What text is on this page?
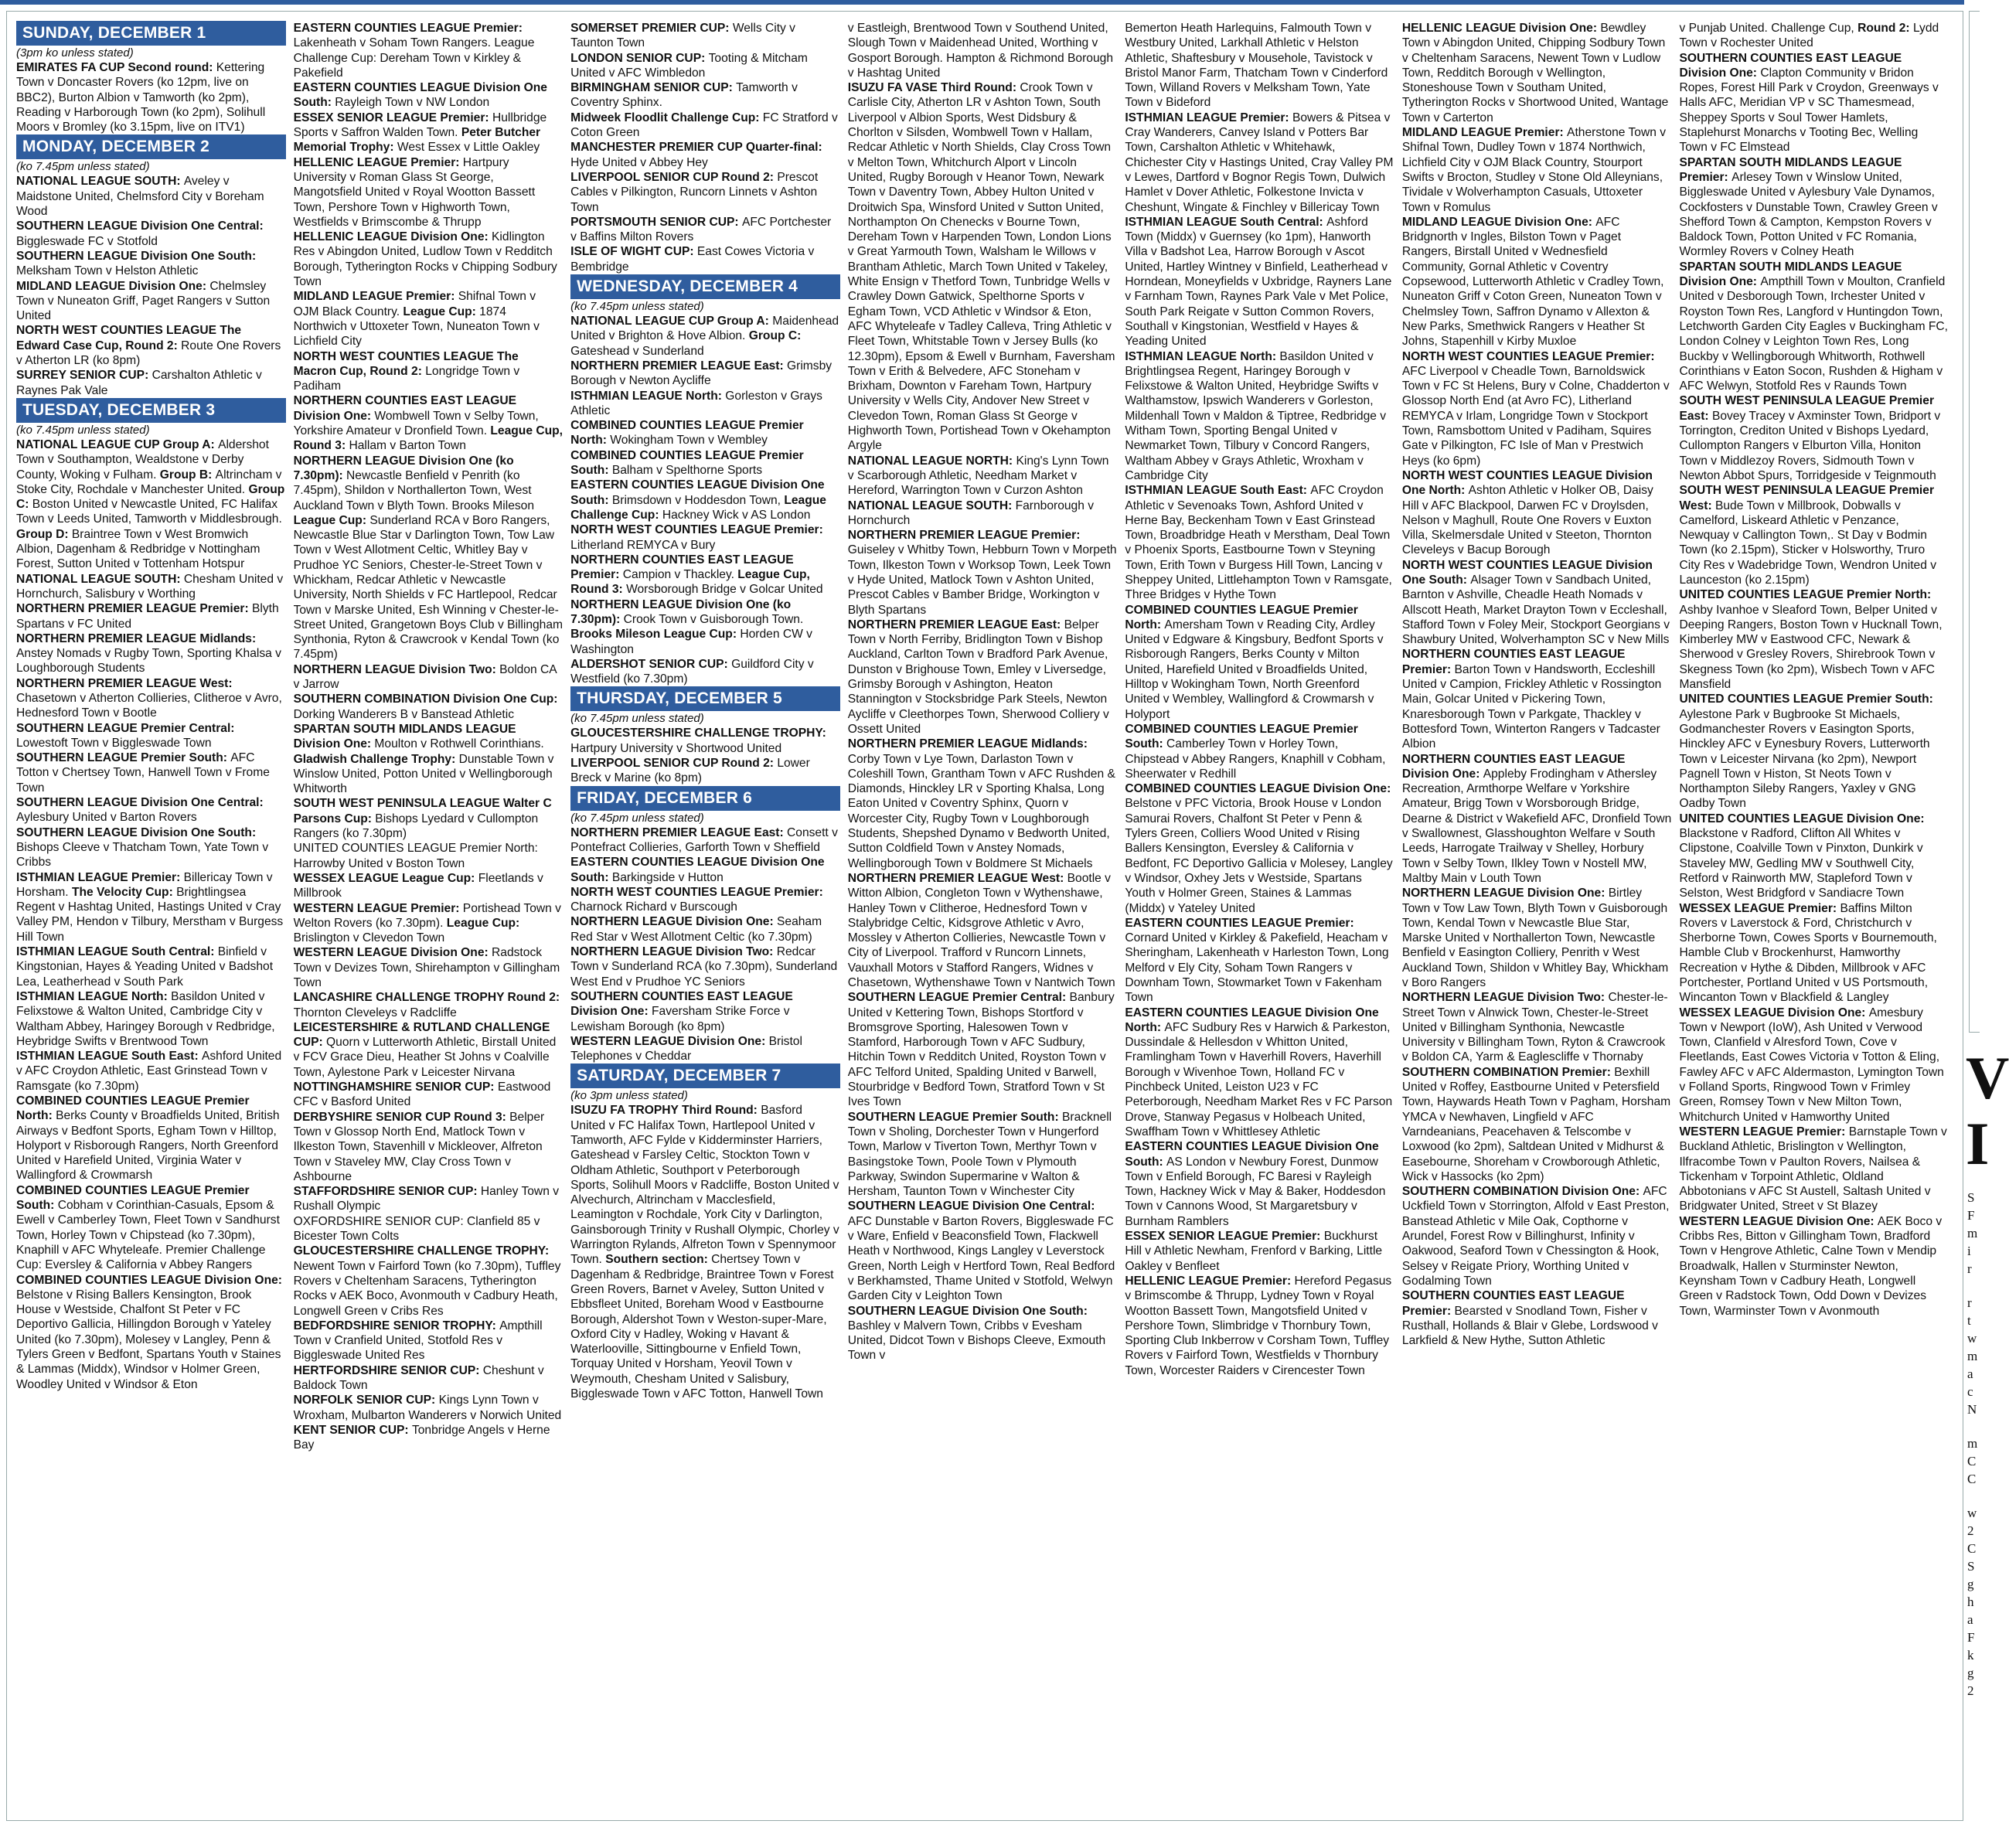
SUNDAY, DECEMBER 1
(3pm ko unless stated)
EMIRATES FA CUP Second round: Kettering Town v Doncaster Rovers (ko 12pm, live on BBC2), Burton Albion v Tamworth (ko 2pm), Reading v Harborough Town (ko 2pm), Solihull Moors v Bromley (ko 3.15pm, live on ITV1)
MONDAY, DECEMBER 2
(ko 7.45pm unless stated)
NATIONAL LEAGUE SOUTH: Aveley v Maidstone United, Chelmsford City v Boreham Wood
SOUTHERN LEAGUE Division One Central: Biggleswade FC v Stotfold
SOUTHERN LEAGUE Division One South: Melksham Town v Helston Athletic
MIDLAND LEAGUE Division One: Chelmsley Town v Nuneaton Griff, Paget Rangers v Sutton United
NORTH WEST COUNTIES LEAGUE The Edward Case Cup, Round 2: Route One Rovers v Atherton LR (ko 8pm)
SURREY SENIOR CUP: Carshalton Athletic v Raynes Pak Vale
TUESDAY, DECEMBER 3
(ko 7.45pm unless stated)
NATIONAL LEAGUE CUP Group A: Aldershot Town v Southampton, Wealdstone v Derby County, Woking v Fulham. Group B: Altrincham v Stoke City, Rochdale v Manchester United. Group C: Boston United v Newcastle United, FC Halifax Town v Leeds United, Tamworth v Middlesbrough. Group D: Braintree Town v West Bromwich Albion, Dagenham & Redbridge v Nottingham Forest, Sutton United v Tottenham Hotspur
NATIONAL LEAGUE SOUTH: Chesham United v Hornchurch, Salisbury v Worthing
NORTHERN PREMIER LEAGUE Premier: Blyth Spartans v FC United
NORTHERN PREMIER LEAGUE Midlands: Anstey Nomads v Rugby Town, Sporting Khalsa v Loughborough Students
NORTHERN PREMIER LEAGUE West: Chasetown v Atherton Collieries, Clitheroe v Avro, Hednesford Town v Bootle
SOUTHERN LEAGUE Premier Central: Lowestoft Town v Biggleswade Town
SOUTHERN LEAGUE Premier South: AFC Totton v Chertsey Town, Hanwell Town v Frome Town
SOUTHERN LEAGUE Division One Central: Aylesbury United v Barton Rovers
SOUTHERN LEAGUE Division One South: Bishops Cleeve v Thatcham Town, Yate Town v Cribbs
ISTHMIAN LEAGUE Premier: Billericay Town v Horsham. The Velocity Cup: Brightlingsea Regent v Hashtag United, Hastings United v Cray Valley PM, Hendon v Tilbury, Merstham v Burgess Hill Town
ISTHMIAN LEAGUE South Central: Binfield v Kingstonian, Hayes & Yeading United v Badshot Lea, Leatherhead v South Park
ISTHMIAN LEAGUE North: Basildon United v Felixstowe & Walton United, Cambridge City v Waltham Abbey, Haringey Borough v Redbridge, Heybridge Swifts v Brentwood Town
ISTHMIAN LEAGUE South East: Ashford United v AFC Croydon Athletic, East Grinstead Town v Ramsgate (ko 7.30pm)
COMBINED COUNTIES LEAGUE Premier North: Berks County v Broadfields United, British Airways v Bedfont Sports, Egham Town v Hilltop, Holyport v Risborough Rangers, North Greenford United v Harefield United, Virginia Water v Wallingford & Crowmarsh
COMBINED COUNTIES LEAGUE Premier South: Cobham v Corinthian-Casuals, Epsom & Ewell v Camberley Town, Fleet Town v Sandhurst Town, Horley Town v Chipstead (ko 7.30pm), Knaphill v AFC Whyteleafe. Premier Challenge Cup: Eversley & California v Abbey Rangers
COMBINED COUNTIES LEAGUE Division One: Belstone v Rising Ballers Kensington, Brook House v Westside, Chalfont St Peter v FC Deportivo Gallicia, Hillingdon Borough v Yateley United (ko 7.30pm), Molesey v Langley, Penn & Tylers Green v Bedfont, Spartans Youth v Staines & Lammas (Middx), Windsor v Holmer Green, Woodley United v Windsor & Eton
EASTERN COUNTIES LEAGUE Premier: Lakenheath v Soham Town Rangers. League Challenge Cup: Dereham Town v Kirkley & Pakefield
EASTERN COUNTIES LEAGUE Division One South: Rayleigh Town v NW London
ESSEX SENIOR LEAGUE Premier: Hullbridge Sports v Saffron Walden Town. Peter Butcher Memorial Trophy: West Essex v Little Oakley
HELLENIC LEAGUE Premier: Hartpury University v Roman Glass St George, Mangotsfield United v Royal Wootton Bassett Town, Pershore Town v Highworth Town, Westfields v Brimscombe & Thrupp
HELLENIC LEAGUE Division One: Kidlington Res v Abingdon United, Ludlow Town v Redditch Borough, Tytherington Rocks v Chipping Sodbury Town
MIDLAND LEAGUE Premier: Shifnal Town v OJM Black Country. League Cup: 1874 Northwich v Uttoxeter Town, Nuneaton Town v Lichfield City
NORTH WEST COUNTIES LEAGUE The Macron Cup, Round 2: Longridge Town v Padiham
NORTHERN COUNTIES EAST LEAGUE Division One: Wombwell Town v Selby Town, Yorkshire Amateur v Dronfield Town. League Cup, Round 3: Hallam v Barton Town
NORTHERN LEAGUE Division One (ko 7.30pm): Newcastle Benfield v Penrith (ko 7.45pm), Shildon v Northallerton Town, West Auckland Town v Blyth Town. Brooks Mileson League Cup: Sunderland RCA v Boro Rangers, Newcastle Blue Star v Darlington Town, Tow Law Town v West Allotment Celtic, Whitley Bay v Prudhoe YC Seniors, Chester-le-Street Town v Whickham, Redcar Athletic v Newcastle University, North Shields v FC Hartlepool, Redcar Town v Marske United, Esh Winning v Chester-le-Street United, Grangetown Boys Club v Billingham Synthonia, Ryton & Crawcrook v Kendal Town (ko 7.45pm)
NORTHERN LEAGUE Division Two: Boldon CA v Jarrow
SOUTHERN COMBINATION Division One Cup: Dorking Wanderers B v Banstead Athletic
SPARTAN SOUTH MIDLANDS LEAGUE Division One: Moulton v Rothwell Corinthians. Gladwish Challenge Trophy: Dunstable Town v Winslow United, Potton United v Wellingborough Whitworth
SOUTH WEST PENINSULA LEAGUE Walter C Parsons Cup: Bishops Lyedard v Cullompton Rangers (ko 7.30pm)
UNITED COUNTIES LEAGUE Premier North: Harrowby United v Boston Town
WESSEX LEAGUE League Cup: Fleetlands v Millbrook
WESTERN LEAGUE Premier: Portishead Town v Welton Rovers (ko 7.30pm). League Cup: Brislington v Clevedon Town
WESTERN LEAGUE Division One: Radstock Town v Devizes Town, Shirehampton v Gillingham Town
LANCASHIRE CHALLENGE TROPHY Round 2: Thornton Cleveleys v Radcliffe
LEICESTERSHIRE & RUTLAND CHALLENGE CUP: Quorn v Lutterworth Athletic, Birstall United v FCV Grace Dieu, Heather St Johns v Coalville Town, Aylestone Park v Leicester Nirvana
NOTTINGHAMSHIRE SENIOR CUP: Eastwood CFC v Basford United
DERBYSHIRE SENIOR CUP Round 3: Belper Town v Glossop North End, Matlock Town v Ilkeston Town, Stavenhill v Mickleover, Alfreton Town v Staveley MW, Clay Cross Town v Ashbourne
STAFFORDSHIRE SENIOR CUP: Hanley Town v Rushall Olympic
OXFORDSHIRE SENIOR CUP: Clanfield 85 v Bicester Town Colts
GLOUCESTERSHIRE CHALLENGE TROPHY: Newent Town v Fairford Town (ko 7.30pm), Tuffley Rovers v Cheltenham Saracens, Tytherington Rocks v AEK Boco, Avonmouth v Cadbury Heath, Longwell Green v Cribs Res
BEDFORDSHIRE SENIOR TROPHY: Ampthill Town v Cranfield United, Stotfold Res v Biggleswade United Res
HERTFORDSHIRE SENIOR CUP: Cheshunt v Baldock Town
NORFOLK SENIOR CUP: Kings Lynn Town v Wroxham, Mulbarton Wanderers v Norwich United
KENT SENIOR CUP: Tonbridge Angels v Herne Bay
SOMERSET PREMIER CUP: Wells City v Taunton Town
LONDON SENIOR CUP: Tooting & Mitcham United v AFC Wimbledon
BIRMINGHAM SENIOR CUP: Tamworth v Coventry Sphinx.
Midweek Floodlit Challenge Cup: FC Stratford v Coton Green
MANCHESTER PREMIER CUP Quarter-final: Hyde United v Abbey Hey
LIVERPOOL SENIOR CUP Round 2: Prescot Cables v Pilkington, Runcorn Linnets v Ashton Town
PORTSMOUTH SENIOR CUP: AFC Portchester v Baffins Milton Rovers
ISLE OF WIGHT CUP: East Cowes Victoria v Bembridge
WEDNESDAY, DECEMBER 4
(ko 7.45pm unless stated)
NATIONAL LEAGUE CUP Group A: Maidenhead United v Brighton & Hove Albion. Group C: Gateshead v Sunderland
NORTHERN PREMIER LEAGUE East: Grimsby Borough v Newton Aycliffe
ISTHMIAN LEAGUE North: Gorleston v Grays Athletic
COMBINED COUNTIES LEAGUE Premier North: Wokingham Town v Wembley
COMBINED COUNTIES LEAGUE Premier South: Balham v Spelthorne Sports
EASTERN COUNTIES LEAGUE Division One South: Brimsdown v Hoddesdon Town, League Challenge Cup: Hackney Wick v AS London
NORTH WEST COUNTIES LEAGUE Premier: Litherland REMYCA v Bury
NORTHERN COUNTIES EAST LEAGUE Premier: Campion v Thackley. League Cup, Round 3: Worsborough Bridge v Golcar United
NORTHERN LEAGUE Division One (ko 7.30pm): Crook Town v Guisborough Town. Brooks Mileson League Cup: Horden CW v Washington
ALDERSHOT SENIOR CUP: Guildford City v Westfield (ko 7.30pm)
THURSDAY, DECEMBER 5
(ko 7.45pm unless stated)
GLOUCESTERSHIRE CHALLENGE TROPHY: Hartpury University v Shortwood United
LIVERPOOL SENIOR CUP Round 2: Lower Breck v Marine (ko 8pm)
FRIDAY, DECEMBER 6
(ko 7.45pm unless stated)
NORTHERN PREMIER LEAGUE East: Consett v Pontefract Collieries, Garforth Town v Sheffield
EASTERN COUNTIES LEAGUE Division One South: Barkingside v Hutton
NORTH WEST COUNTIES LEAGUE Premier: Charnock Richard v Burscough
NORTHERN LEAGUE Division One: Seaham Red Star v West Allotment Celtic (ko 7.30pm)
NORTHERN LEAGUE Division Two: Redcar Town v Sunderland RCA (ko 7.30pm), Sunderland West End v Prudhoe YC Seniors
SOUTHERN COUNTIES EAST LEAGUE Division One: Faversham Strike Force v Lewisham Borough (ko 8pm)
WESTERN LEAGUE Division One: Bristol Telephones v Cheddar
SATURDAY, DECEMBER 7
(ko 3pm unless stated)
ISUZU FA TROPHY Third Round: Basford United v FC Halifax Town, Hartlepool United v Tamworth, AFC Fylde v Kidderminster Harriers, Gateshead v Farsley Celtic, Stockton Town v Oldham Athletic, Southport v Peterborough Sports, Solihull Moors v Radcliffe, Boston United v Alvechurch, Altrincham v Macclesfield, Leamington v Rochdale, York City v Darlington, Gainsborough Trinity v Rushall Olympic, Chorley v Warrington Rylands, Alfreton Town v Spennymoor Town. Southern section: Chertsey Town v Dagenham & Redbridge, Braintree Town v Forest Green Rovers, Barnet v Aveley, Sutton United v Ebbsfleet United, Boreham Wood v Eastbourne Borough, Aldershot Town v Weston-super-Mare, Oxford City v Hadley, Woking v Havant & Waterlooville, Sittingbourne v Enfield Town, Torquay United v Horsham, Yeovil Town v Weymouth, Chesham United v Salisbury, Biggleswade Town v AFC Totton, Hanwell Town
v Eastleigh, Brentwood Town v Southend United, Slough Town v Maidenhead United, Worthing v Gosport Borough. Hampton & Richmond Borough v Hashtag United
ISUZU FA VASE Third Round: Crook Town v Carlisle City, Atherton LR v Ashton Town, South Liverpool v Albion Sports, West Didsbury & Chorlton v Silsden, Wombwell Town v Hallam, Redcar Athletic v North Shields, Clay Cross Town v Melton Town, Whitchurch Alport v Lincoln United, Rugby Borough v Heanor Town, Newark Town v Daventry Town, Abbey Hulton United v Droitwich Spa, Winsford United v Sutton United, Northampton On Chenecks v Bourne Town, Dereham Town v Harpenden Town, London Lions v Great Yarmouth Town, Walsham le Willows v Brantham Athletic, March Town United v Takeley, White Ensign v Thetford Town, Tunbridge Wells v Crawley Down Gatwick, Spelthorne Sports v Egham Town, VCD Athletic v Windsor & Eton, AFC Whyteleafe v Tadley Calleva, Tring Athletic v Fleet Town, Whitstable Town v Jersey Bulls (ko 12.30pm), Epsom & Ewell v Burnham, Faversham Town v Erith & Belvedere, AFC Stoneham v Brixham, Downton v Fareham Town, Hartpury University v Wells City, Andover New Street v Clevedon Town, Roman Glass St George v Highworth Town, Portishead Town v Okehampton Argyle
NATIONAL LEAGUE NORTH: King's Lynn Town v Scarborough Athletic, Needham Market v Hereford, Warrington Town v Curzon Ashton
NATIONAL LEAGUE SOUTH: Farnborough v Hornchurch
NORTHERN PREMIER LEAGUE Premier: Guiseley v Whitby Town, Hebburn Town v Morpeth Town, Ilkeston Town v Worksop Town, Leek Town v Hyde United, Matlock Town v Ashton United, Prescot Cables v Bamber Bridge, Workington v Blyth Spartans
NORTHERN PREMIER LEAGUE East: Belper Town v North Ferriby, Bridlington Town v Bishop Auckland, Carlton Town v Bradford Park Avenue, Dunston v Brighouse Town, Emley v Liversedge, Grimsby Borough v Ashington, Heaton Stannington v Stocksbridge Park Steels, Newton Aycliffe v Cleethorpes Town, Sherwood Colliery v Ossett United
NORTHERN PREMIER LEAGUE Midlands: Corby Town v Lye Town, Darlaston Town v Coleshill Town, Grantham Town v AFC Rushden & Diamonds, Hinckley LR v Sporting Khalsa, Long Eaton United v Coventry Sphinx, Quorn v Worcester City, Rugby Town v Loughborough Students, Shepshed Dynamo v Bedworth United, Sutton Coldfield Town v Anstey Nomads, Wellingborough Town v Boldmere St Michaels
NORTHERN PREMIER LEAGUE West: Bootle v Witton Albion, Congleton Town v Wythenshawe, Hanley Town v Clitheroe, Hednesford Town v Stalybridge Celtic, Kidsgrove Athletic v Avro, Mossley v Atherton Collieries, Newcastle Town v City of Liverpool. Trafford v Runcorn Linnets, Vauxhall Motors v Stafford Rangers, Widnes v Chasetown, Wythenshawe Town v Nantwich Town
SOUTHERN LEAGUE Premier Central: Banbury United v Kettering Town, Bishops Stortford v Bromsgrove Sporting, Halesowen Town v Stamford, Harborough Town v AFC Sudbury, Hitchin Town v Redditch United, Royston Town v AFC Telford United, Spalding United v Barwell, Stourbridge v Bedford Town, Stratford Town v St Ives Town
SOUTHERN LEAGUE Premier South: Bracknell Town v Sholing, Dorchester Town v Hungerford Town, Marlow v Tiverton Town, Merthyr Town v Basingstoke Town, Poole Town v Plymouth Parkway, Swindon Supermarine v Walton & Hersham, Taunton Town v Winchester City
SOUTHERN LEAGUE Division One Central: AFC Dunstable v Barton Rovers, Biggleswade FC v Ware, Enfield v Beaconsfield Town, Flackwell Heath v Northwood, Kings Langley v Leverstock Green, North Leigh v Hertford Town, Real Bedford v Berkhamsted, Thame United v Stotfold, Welwyn Garden City v Leighton Town
SOUTHERN LEAGUE Division One South: Bashley v Malvern Town, Cribbs v Evesham United, Didcot Town v Bishops Cleeve, Exmouth Town v
Bemerton Heath Harlequins, Falmouth Town v Westbury United, Larkhall Athletic v Helston Athletic, Shaftesbury v Mousehole, Tavistock v Bristol Manor Farm, Thatcham Town v Cinderford Town, Willand Rovers v Melksham Town, Yate Town v Bideford
ISTHMIAN LEAGUE Premier: Bowers & Pitsea v Cray Wanderers, Canvey Island v Potters Bar Town, Carshalton Athletic v Whitehawk, Chichester City v Hastings United, Cray Valley PM v Lewes, Dartford v Bognor Regis Town, Dulwich Hamlet v Dover Athletic, Folkestone Invicta v Cheshunt, Wingate & Finchley v Billericay Town
ISTHMIAN LEAGUE South Central: Ashford Town (Middx) v Guernsey (ko 1pm), Hanworth Villa v Badshot Lea, Harrow Borough v Ascot United, Hartley Wintney v Binfield, Leatherhead v Horndean, Moneyfields v Uxbridge, Rayners Lane v Farnham Town, Raynes Park Vale v Met Police, South Park Reigate v Sutton Common Rovers, Southall v Kingstonian, Westfield v Hayes & Yeading United
ISTHMIAN LEAGUE North: Basildon United v Brightlingsea Regent, Haringey Borough v Felixstowe & Walton United, Heybridge Swifts v Walthamstow, Ipswich Wanderers v Gorleston, Mildenhall Town v Maldon & Tiptree, Redbridge v Witham Town, Sporting Bengal United v Newmarket Town, Tilbury v Concord Rangers, Waltham Abbey v Grays Athletic, Wroxham v Cambridge City
ISTHMIAN LEAGUE South East: AFC Croydon Athletic v Sevenoaks Town, Ashford United v Herne Bay, Beckenham Town v East Grinstead Town, Broadbridge Heath v Merstham, Deal Town v Phoenix Sports, Eastbourne Town v Steyning Town, Erith Town v Burgess Hill Town, Lancing v Sheppey United, Littlehampton Town v Ramsgate, Three Bridges v Hythe Town
COMBINED COUNTIES LEAGUE Premier North: Amersham Town v Reading City, Ardley United v Edgware & Kingsbury, Bedfont Sports v Risborough Rangers, Berks County v Milton United, Harefield United v Broadfields United, Hilltop v Wokingham Town, North Greenford United v Wembley, Wallingford & Crowmarsh v Holyport
COMBINED COUNTIES LEAGUE Premier South: Camberley Town v Horley Town, Chipstead v Abbey Rangers, Knaphill v Cobham, Sheerwater v Redhill
COMBINED COUNTIES LEAGUE Division One: Belstone v PFC Victoria, Brook House v London Samurai Rovers, Chalfont St Peter v Penn & Tylers Green, Colliers Wood United v Rising Ballers Kensington, Eversley & California v Bedfont, FC Deportivo Gallicia v Molesey, Langley v Windsor, Oxhey Jets v Westside, Spartans Youth v Holmer Green, Staines & Lammas (Middx) v Yateley United
EASTERN COUNTIES LEAGUE Premier: Cornard United v Kirkley & Pakefield, Heacham v Sheringham, Lakenheath v Harleston Town, Long Melford v Ely City, Soham Town Rangers v Downham Town, Stowmarket Town v Fakenham Town
EASTERN COUNTIES LEAGUE Division One North: AFC Sudbury Res v Harwich & Parkeston, Dussindale & Hellesdon v Whitton United, Framlingham Town v Haverhill Rovers, Haverhill Borough v Wivenhoe Town, Holland FC v Pinchbeck United, Leiston U23 v FC Peterborough, Needham Market Res v FC Parson Drove, Stanway Pegasus v Holbeach United, Swaffham Town v Whittlesey Athletic
EASTERN COUNTIES LEAGUE Division One South: AS London v Newbury Forest, Dunmow Town v Enfield Borough, FC Baresi v Rayleigh Town, Hackney Wick v May & Baker, Hoddesdon Town v Cannons Wood, St Margaretsbury v Burnham Ramblers
ESSEX SENIOR LEAGUE Premier: Buckhurst Hill v Athletic Newham, Frenford v Barking, Little Oakley v Benfleet
HELLENIC LEAGUE Premier: Hereford Pegasus v Brimscombe & Thrupp, Lydney Town v Royal Wootton Bassett Town, Mangotsfield United v Pershore Town, Slimbridge v Thornbury Town, Sporting Club Inkberrow v Corsham Town, Tuffley Rovers v Fairford Town, Westfields v Thornbury Town, Worcester Raiders v Cirencester Town
HELLENIC LEAGUE Division One: Bewdley Town v Abingdon United, Chipping Sodbury Town v Cheltenham Saracens, Newent Town v Ludlow Town, Redditch Borough v Wellington, Stoneshouse Town v Southam United, Tytherington Rocks v Shortwood United, Wantage Town v Carterton
MIDLAND LEAGUE Premier: Atherstone Town v Shifnal Town, Dudley Town v 1874 Northwich, Lichfield City v OJM Black Country, Stourport Swifts v Brocton, Studley v Stone Old Alleynians, Tividale v Wolverhampton Casuals, Uttoxeter Town v Romulus
MIDLAND LEAGUE Division One: AFC Bridgnorth v Ingles, Bilston Town v Paget Rangers, Birstall United v Wednesfield Community, Gornal Athletic v Coventry Copsewood, Lutterworth Athletic v Cradley Town, Nuneaton Griff v Coton Green, Nuneaton Town v Chelmsley Town, Saffron Dynamo v Allexton & New Parks, Smethwick Rangers v Heather St Johns, Stapenhill v Kirby Muxloe
NORTH WEST COUNTIES LEAGUE Premier: AFC Liverpool v Cheadle Town, Barnoldswick Town v FC St Helens, Bury v Colne, Chadderton v Glossop North End (at Avro FC), Litherland REMYCA v Irlam, Longridge Town v Stockport Town, Ramsbottom United v Padiham, Squires Gate v Pilkington, FC Isle of Man v Prestwich Heys (ko 6pm)
NORTH WEST COUNTIES LEAGUE Division One North: Ashton Athletic v Holker OB, Daisy Hill v AFC Blackpool, Darwen FC v Droylsden, Nelson v Maghull, Route One Rovers v Euxton Villa, Skelmersdale United v Steeton, Thornton Cleveleys v Bacup Borough
NORTH WEST COUNTIES LEAGUE Division One South: Alsager Town v Sandbach United, Barnton v Ashville, Cheadle Heath Nomads v Allscott Heath, Market Drayton Town v Eccleshall, Stafford Town v Foley Meir, Stockport Georgians v Shawbury United, Wolverhampton SC v New Mills
NORTHERN COUNTIES EAST LEAGUE Premier: Barton Town v Handsworth, Eccleshill United v Campion, Frickley Athletic v Rossington Main, Golcar United v Pickering Town, Knaresborough Town v Parkgate, Thackley v Bottesford Town, Winterton Rangers v Tadcaster Albion
NORTHERN COUNTIES EAST LEAGUE Division One: Appleby Frodingham v Athersley Recreation, Armthorpe Welfare v Yorkshire Amateur, Brigg Town v Worsborough Bridge, Dearne & District v Wakefield AFC, Dronfield Town v Swallownest, Glasshoughton Welfare v South Leeds, Harrogate Trailway v Shelley, Horbury Town v Selby Town, Ilkley Town v Nostell MW, Maltby Main v Louth Town
NORTHERN LEAGUE Division One: Birtley Town v Tow Law Town, Blyth Town v Guisborough Town, Kendal Town v Newcastle Blue Star, Marske United v Northallerton Town, Newcastle Benfield v Easington Colliery, Penrith v West Auckland Town, Shildon v Whitley Bay, Whickham v Boro Rangers
NORTHERN LEAGUE Division Two: Chester-le-Street Town v Alnwick Town, Chester-le-Street United v Billingham Synthonia, Newcastle University v Billingham Town, Ryton & Crawcrook v Boldon CA, Yarm & Eaglescliffe v Thornaby
SOUTHERN COMBINATION Premier: Bexhill United v Roffey, Eastbourne United v Petersfield Town, Haywards Heath Town v Pagham, Horsham YMCA v Newhaven, Lingfield v AFC Varndeanians, Peacehaven & Telscombe v Loxwood (ko 2pm), Saltdean United v Midhurst & Easebourne, Shoreham v Crowborough Athletic, Wick v Hassocks (ko 2pm)
SOUTHERN COMBINATION Division One: AFC Uckfield Town v Storrington, Alfold v East Preston, Banstead Athletic v Mile Oak, Copthorne v Arundel, Forest Row v Billinghurst, Infinity v Oakwood, Seaford Town v Chessington & Hook, Selsey v Reigate Priory, Worthing United v Godalming Town
SOUTHERN COUNTIES EAST LEAGUE Premier: Bearsted v Snodland Town, Fisher v Rusthall, Hollands & Blair v Glebe, Lordswood v Larkfield & New Hythe, Sutton Athletic
v Punjab United. Challenge Cup, Round 2: Lydd Town v Rochester United
SOUTHERN COUNTIES EAST LEAGUE Division One: Clapton Community v Bridon Ropes, Forest Hill Park v Croydon, Greenways v Halls AFC, Meridian VP v SC Thamesmead, Sheppey Sports v Soul Tower Hamlets, Staplehurst Monarchs v Tooting Bec, Welling Town v FC Elmstead
SPARTAN SOUTH MIDLANDS LEAGUE Premier: Arlesey Town v Winslow United, Biggleswade United v Aylesbury Vale Dynamos, Cockfosters v Dunstable Town, Crawley Green v Shefford Town & Campton, Kempston Rovers v Baldock Town, Potton United v FC Romania, Wormley Rovers v Colney Heath
SPARTAN SOUTH MIDLANDS LEAGUE Division One: Ampthill Town v Moulton, Cranfield United v Desborough Town, Irchester United v Royston Town Res, Langford v Huntingdon Town, Letchworth Garden City Eagles v Buckingham FC, London Colney v Leighton Town Res, Long Buckby v Wellingborough Whitworth, Rothwell Corinthians v Eaton Socon, Rushden & Higham v AFC Welwyn, Stotfold Res v Raunds Town
SOUTH WEST PENINSULA LEAGUE Premier East: Bovey Tracey v Axminster Town, Bridport v Torrington, Crediton United v Bishops Lyedard, Cullompton Rangers v Elburton Villa, Honiton Town v Middlezoy Rovers, Sidmouth Town v Newton Abbot Spurs, Torridgeside v Teignmouth
SOUTH WEST PENINSULA LEAGUE Premier West: Bude Town v Millbrook, Dobwalls v Camelford, Liskeard Athletic v Penzance, Newquay v Callington Town,. St Day v Bodmin Town (ko 2.15pm), Sticker v Holsworthy, Truro City Res v Wadebridge Town, Wendron United v Launceston (ko 2.15pm)
UNITED COUNTIES LEAGUE Premier North: Ashby Ivanhoe v Sleaford Town, Belper United v Deeping Rangers, Boston Town v Hucknall Town, Kimberley MW v Eastwood CFC, Newark & Sherwood v Gresley Rovers, Shirebrook Town v Skegness Town (ko 2pm), Wisbech Town v AFC Mansfield
UNITED COUNTIES LEAGUE Premier South: Aylestone Park v Bugbrooke St Michaels, Godmanchester Rovers v Easington Sports, Hinckley AFC v Eynesbury Rovers, Lutterworth Town v Leicester Nirvana (ko 2pm), Newport Pagnell Town v Histon, St Neots Town v Northampton Sileby Rangers, Yaxley v GNG Oadby Town
UNITED COUNTIES LEAGUE Division One: Blackstone v Radford, Clifton All Whites v Clipstone, Coalville Town v Pinxton, Dunkirk v Staveley MW, Gedling MW v Southwell City, Retford v Rainworth MW, Stapleford Town v Selston, West Bridgford v Sandiacre Town
WESSEX LEAGUE Premier: Baffins Milton Rovers v Laverstock & Ford, Christchurch v Sherborne Town, Cowes Sports v Bournemouth, Hamble Club v Brockenhurst, Hamworthy Recreation v Hythe & Dibden, Millbrook v AFC Portchester, Portland United v US Portsmouth, Wincanton Town v Blackfield & Langley
WESSEX LEAGUE Division One: Amesbury Town v Newport (IoW), Ash United v Verwood Town, Clanfield v Alresford Town, Cove v Fleetlands, East Cowes Victoria v Totton & Eling, Fawley AFC v AFC Aldermaston, Lymington Town v Folland Sports, Ringwood Town v Frimley Green, Romsey Town v New Milton Town, Whitchurch United v Hamworthy United
WESTERN LEAGUE Premier: Barnstaple Town v Buckland Athletic, Brislington v Wellington, Ilfracombe Town v Paulton Rovers, Nailsea & Tickenham v Torpoint Athletic, Oldland Abbotonians v AFC St Austell, Saltash United v Bridgwater United, Street v St Blazey
WESTERN LEAGUE Division One: AEK Boco v Cribbs Res, Bitton v Gillingham Town, Bradford Town v Hengrove Athletic, Calne Town v Mendip Broadwalk, Hallen v Sturminster Newton, Keynsham Town v Cadbury Heath, Longwell Green v Radstock Town, Odd Down v Devizes Town, Warminster Town v Avonmouth
V
I
S
F
m
i
r
r
t
w
m
a
c
N
m
C
C
w
2
C
S
g
h
a
F
k
g
2
